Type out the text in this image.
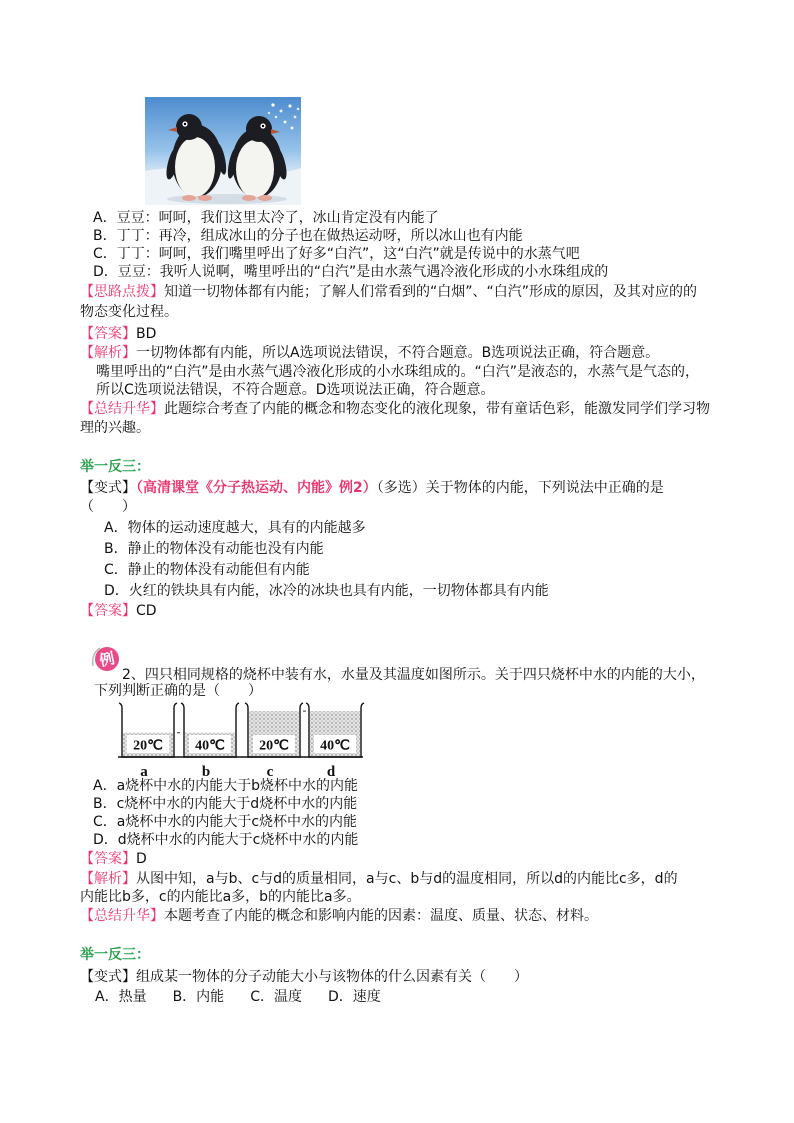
A．豆豆：呵呵，我们这里太冷了，冰山肯定没有内能了
B．丁丁：再冷，组成冰山的分子也在做热运动呀，所以冰山也有内能
C．丁丁：呵呵，我们嘴里呼出了好多“白汽”，这“白汽”就是传说中的水蒸气吧
D．豆豆：我听人说啊，嘴里呼出的“白汽”是由水蒸气遇冷液化形成的小水珠组成的
【思路点拨】知道一切物体都有内能；了解人们常看到的“白烟”、“白汽”形成的原因，及其对应的的
物态变化过程。
【答案】BD
【解析】一切物体都有内能，所以A选项说法错误，不符合题意。B选项说法正确，符合题意。
嘴里呼出的“白汽”是由水蒸气遇冷液化形成的小水珠组成的。“白汽”是液态的，水蒸气是气态的，
所以C选项说法错误，不符合题意。D选项说法正确，符合题意。
【总结升华】此题综合考查了内能的概念和物态变化的液化现象，带有童话色彩，能激发同学们学习物
理的兴趣。
举一反三：
【变式】（高清课堂《分子热运动、内能》例2）（多选）关于物体的内能，下列说法中正确的是
（　　）
A．物体的运动速度越大，具有的内能越多
B．静止的物体没有动能也没有内能
C．静止的物体没有动能但有内能
D．火红的铁块具有内能，冰冷的冰块也具有内能，一切物体都具有内能
【答案】CD
例
2、四只相同规格的烧杯中装有水，水量及其温度如图所示。关于四只烧杯中水的内能的大小，
下列判断正确的是（　　）
20℃
a
40℃
b
20℃
c
40℃
d
A．a烧杯中水的内能大于b烧杯中水的内能
B．c烧杯中水的内能大于d烧杯中水的内能
C．a烧杯中水的内能大于c烧杯中水的内能
D．d烧杯中水的内能大于c烧杯中水的内能
【答案】D
【解析】从图中知，a与b、c与d的质量相同，a与c、b与d的温度相同，所以d的内能比c多，d的
内能比b多，c的内能比a多，b的内能比a多。
【总结升华】本题考查了内能的概念和影响内能的因素：温度、质量、状态、材料。
举一反三：
【变式】组成某一物体的分子动能大小与该物体的什么因素有关（　　）
A．热量 B．内能 C．温度 D．速度
